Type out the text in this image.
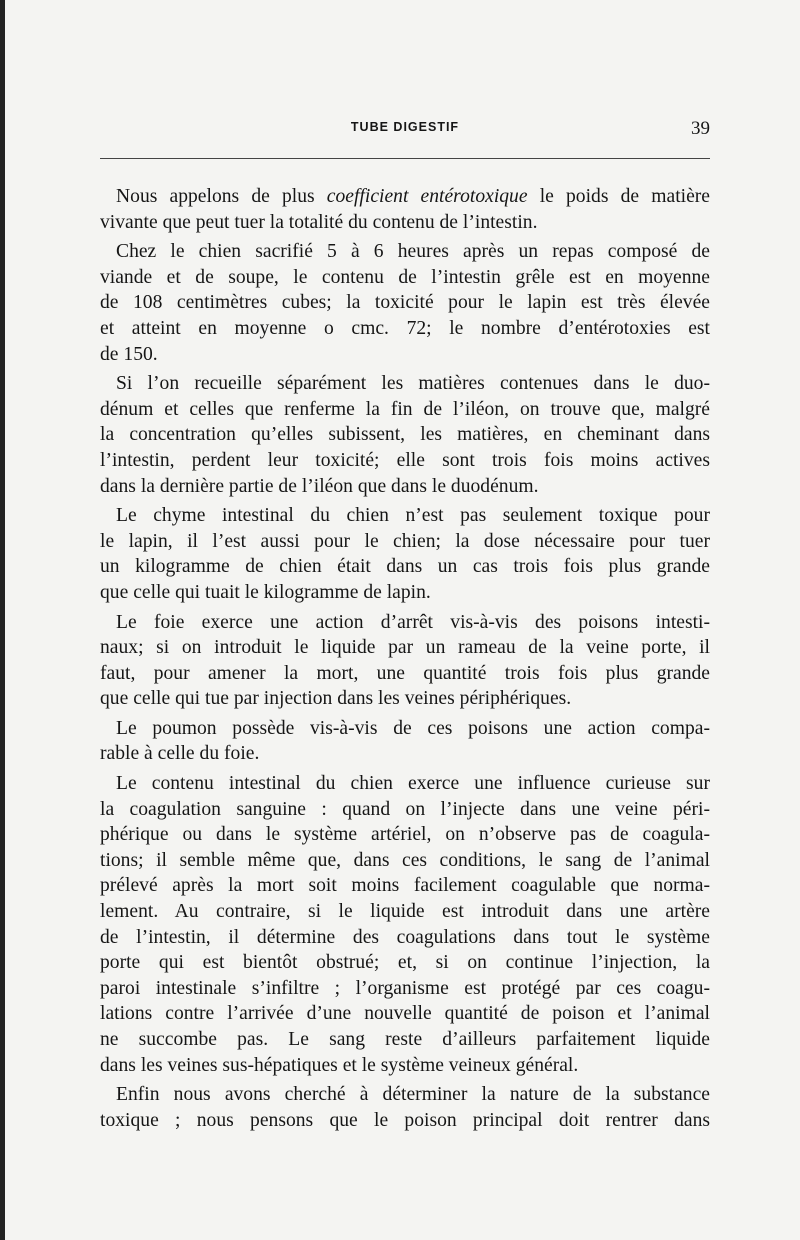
TUBE DIGESTIF	39
Nous appelons de plus coefficient entérotoxique le poids de matière
vivante que peut tuer la totalité du contenu de l’intestin.
Chez le chien sacrifié 5 à 6 heures après un repas composé de
viande et de soupe, le contenu de l’intestin grêle est en moyenne
de 108 centimètres cubes; la toxicité pour le lapin est très élevée
et atteint en moyenne o cmc. 72; le nombre d’entérotoxies est
de 150.
Si l’on recueille séparément les matières contenues dans le duo-
dénum et celles que renferme la fin de l’iléon, on trouve que, malgré
la concentration qu’elles subissent, les matières, en cheminant dans
l’intestin, perdent leur toxicité; elle sont trois fois moins actives
dans la dernière partie de l’iléon que dans le duodénum.
Le chyme intestinal du chien n’est pas seulement toxique pour
le lapin, il l’est aussi pour le chien; la dose nécessaire pour tuer
un kilogramme de chien était dans un cas trois fois plus grande
que celle qui tuait le kilogramme de lapin.
Le foie exerce une action d’arrêt vis-à-vis des poisons intesti-
naux; si on introduit le liquide par un rameau de la veine porte, il
faut, pour amener la mort, une quantité trois fois plus grande
que celle qui tue par injection dans les veines périphériques.
Le poumon possède vis-à-vis de ces poisons une action compa-
rable à celle du foie.
Le contenu intestinal du chien exerce une influence curieuse sur
la coagulation sanguine : quand on l’injecte dans une veine péri-
phérique ou dans le système artériel, on n’observe pas de coagula-
tions; il semble même que, dans ces conditions, le sang de l’animal
prélevé après la mort soit moins facilement coagulable que norma-
lement. Au contraire, si le liquide est introduit dans une artère
de l’intestin, il détermine des coagulations dans tout le système
porte qui est bientôt obstrué; et, si on continue l’injection, la
paroi intestinale s’infiltre ; l’organisme est protégé par ces coagu-
lations contre l’arrivée d’une nouvelle quantité de poison et l’animal
ne succombe pas. Le sang reste d’ailleurs parfaitement liquide
dans les veines sus-hépatiques et le système veineux général.
Enfin nous avons cherché à déterminer la nature de la substance
toxique ; nous pensons que le poison principal doit rentrer dans
